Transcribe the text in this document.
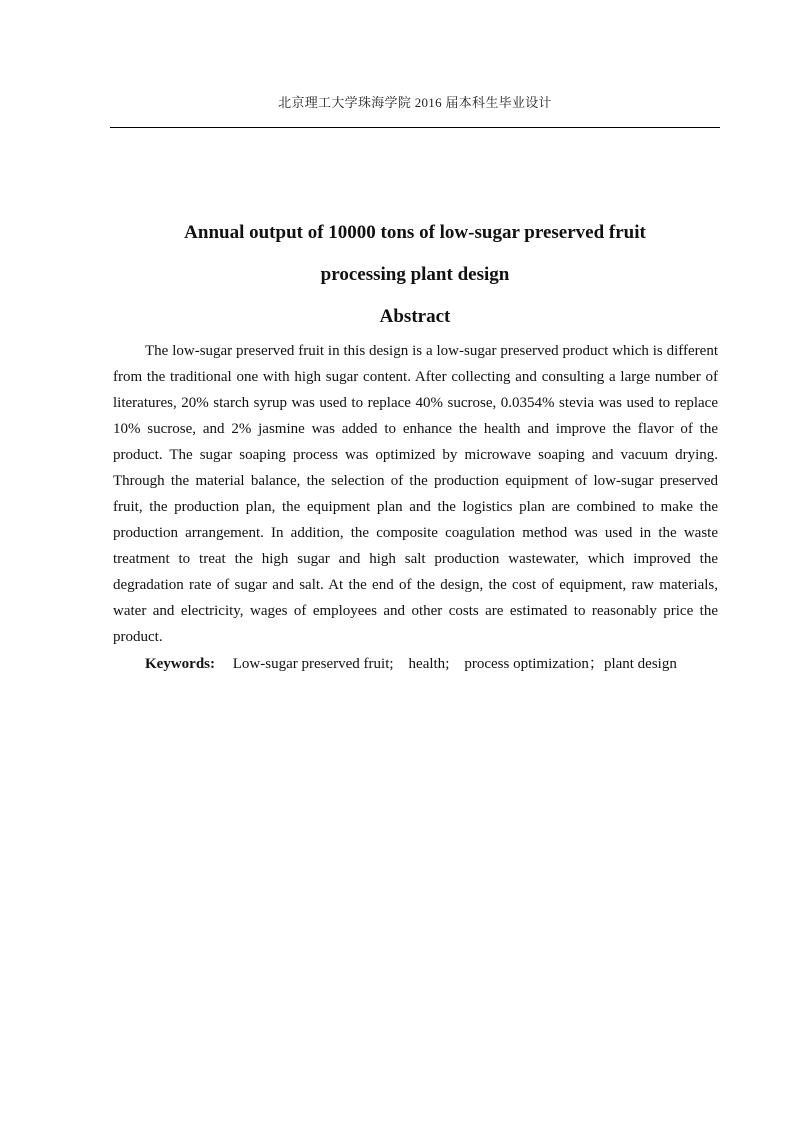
北京理工大学珠海学院 2016 届本科生毕业设计
Annual output of 10000 tons of low-sugar preserved fruit
processing plant design
Abstract

The low-sugar preserved fruit in this design is a low-sugar preserved product which is different from the traditional one with high sugar content. After collecting and consulting a large number of literatures, 20% starch syrup was used to replace 40% sucrose, 0.0354% stevia was used to replace 10% sucrose, and 2% jasmine was added to enhance the health and improve the flavor of the product. The sugar soaping process was optimized by microwave soaping and vacuum drying. Through the material balance, the selection of the production equipment of low-sugar preserved fruit, the production plan, the equipment plan and the logistics plan are combined to make the production arrangement. In addition, the composite coagulation method was used in the waste treatment to treat the high sugar and high salt production wastewater, which improved the degradation rate of sugar and salt. At the end of the design, the cost of equipment, raw materials, water and electricity, wages of employees and other costs are estimated to reasonably price the product.

Keywords: Low-sugar preserved fruit;    health;    process optimization；plant design
